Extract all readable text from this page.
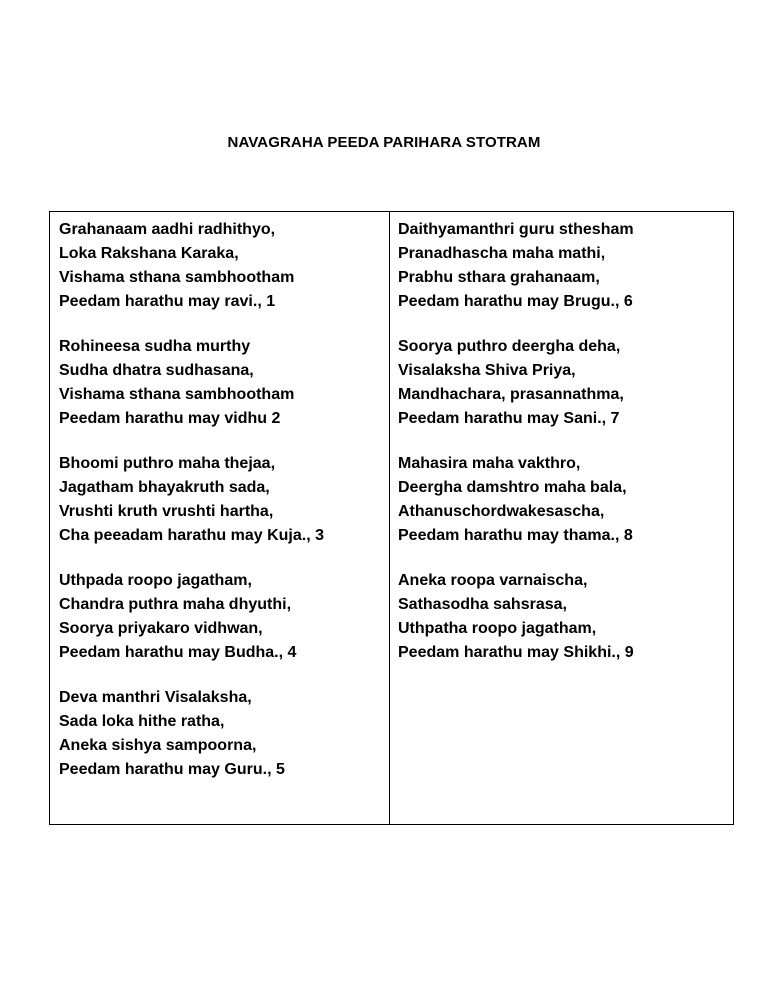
NAVAGRAHA PEEDA PARIHARA STOTRAM
Grahanaam aadhi radhithyo,
Loka Rakshana Karaka,
Vishama sthana sambhootham
Peedam harathu may ravi., 1
Rohineesa sudha murthy
Sudha dhatra sudhasana,
Vishama sthana sambhootham
Peedam harathu may vidhu 2
Bhoomi puthro maha thejaa,
Jagatham bhayakruth sada,
Vrushti kruth vrushti hartha,
Cha peeadam harathu may Kuja., 3
Uthpada roopo jagatham,
Chandra puthra maha dhyuthi,
Soorya priyakaro vidhwan,
Peedam harathu may Budha., 4
Deva manthri Visalaksha,
Sada loka hithe ratha,
Aneka sishya sampoorna,
Peedam harathu may Guru., 5
Daithyamanthri guru sthesham
Pranadhascha maha mathi,
Prabhu sthara grahanaam,
Peedam harathu may Brugu., 6
Soorya puthro deergha deha,
Visalaksha Shiva Priya,
Mandhachara, prasannathma,
Peedam harathu may Sani., 7
Mahasira maha vakthro,
Deergha damshtro maha bala,
Athanuschordwakesascha,
Peedam harathu may thama., 8
Aneka roopa varnaischa,
Sathasodha sahsrasa,
Uthpatha roopo jagatham,
Peedam harathu may Shikhi., 9
